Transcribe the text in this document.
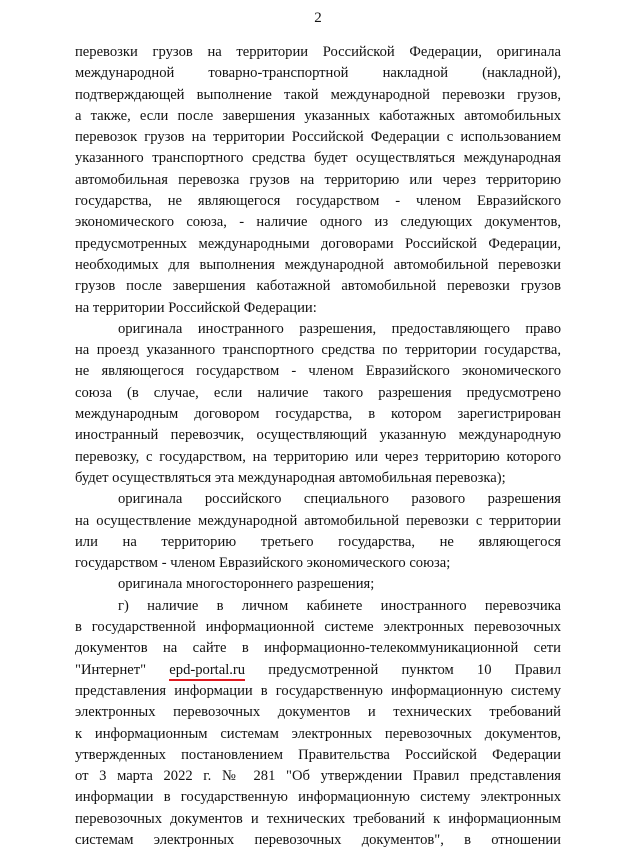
2
перевозки грузов на территории Российской Федерации, оригинала
международной товарно-транспортной накладной (накладной),
подтверждающей выполнение такой международной перевозки грузов,
а также, если после завершения указанных каботажных автомобильных
перевозок грузов на территории Российской Федерации с использованием
указанного транспортного средства будет осуществляться международная
автомобильная перевозка грузов на территорию или через территорию
государства, не являющегося государством - членом Евразийского
экономического союза, - наличие одного из следующих документов,
предусмотренных международными договорами Российской Федерации,
необходимых для выполнения международной автомобильной перевозки
грузов после завершения каботажной автомобильной перевозки грузов
на территории Российской Федерации:
оригинала иностранного разрешения, предоставляющего право
на проезд указанного транспортного средства по территории государства,
не являющегося государством - членом Евразийского экономического
союза (в случае, если наличие такого разрешения предусмотрено
международным договором государства, в котором зарегистрирован
иностранный перевозчик, осуществляющий указанную международную
перевозку, с государством, на территорию или через территорию которого
будет осуществляться эта международная автомобильная перевозка);
оригинала российского специального разового разрешения
на осуществление международной автомобильной перевозки с территории
или на территорию третьего государства, не являющегося
государством - членом Евразийского экономического союза;
оригинала многостороннего разрешения;
г) наличие в личном кабинете иностранного перевозчика
в государственной информационной системе электронных перевозочных
документов на сайте в информационно-телекоммуникационной сети
"Интернет" epd-portal.ru предусмотренной пунктом 10 Правил
представления информации в государственную информационную систему
электронных перевозочных документов и технических требований
к информационным системам электронных перевозочных документов,
утвержденных постановлением Правительства Российской Федерации
от 3 марта 2022 г. № 281 "Об утверждении Правил представления
информации в государственную информационную систему электронных
перевозочных документов и технических требований к информационным
системам электронных перевозочных документов", в отношении
